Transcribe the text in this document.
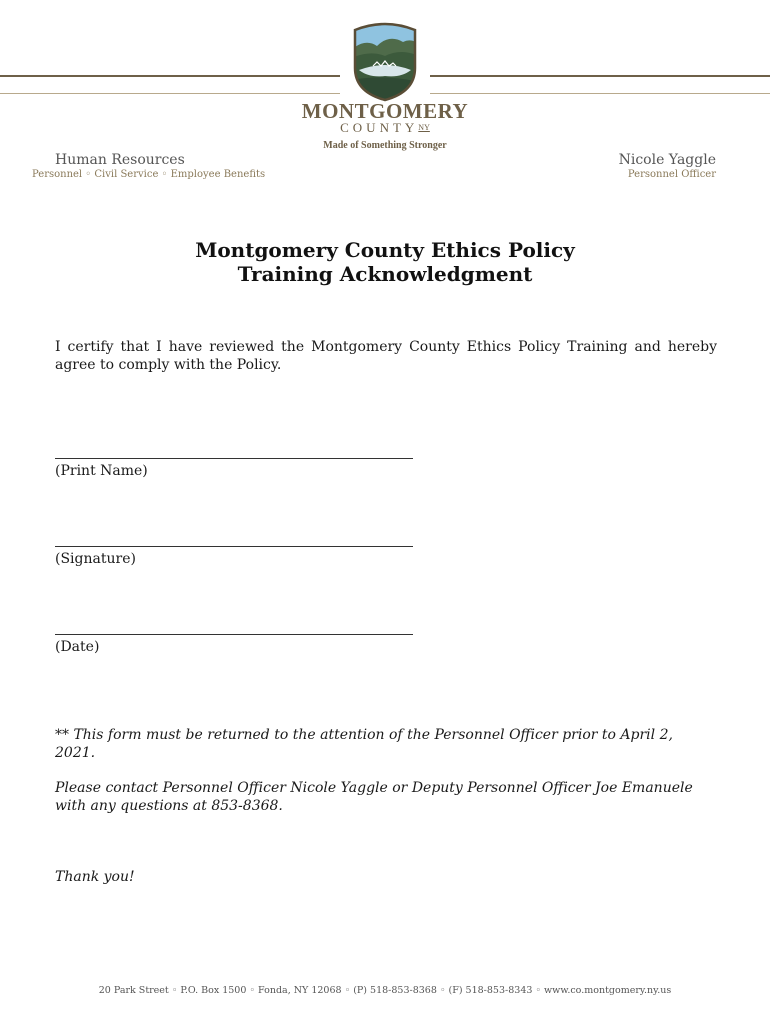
MONTGOMERY
$COUNTY^{NY}$
Made of Something Stronger
Human Resources
Personnel ◦ Civil Service ◦ Employee Benefits
Nicole Yaggle
Personnel Officer
Montgomery County Ethics Policy
Training Acknowledgment
I certify that I have reviewed the Montgomery County Ethics Policy Training and hereby agree to comply with the Policy.
(Print Name)
(Signature)
(Date)
** This form must be returned to the attention of the Personnel Officer prior to April 2, 2021.
Please contact Personnel Officer Nicole Yaggle or Deputy Personnel Officer Joe Emanuele with any questions at 853-8368.
Thank you!
20 Park Street ◦ P.O. Box 1500 ◦ Fonda, NY 12068 ◦ (P) 518-853-8368 ◦ (F) 518-853-8343 ◦ www.co.montgomery.ny.us
